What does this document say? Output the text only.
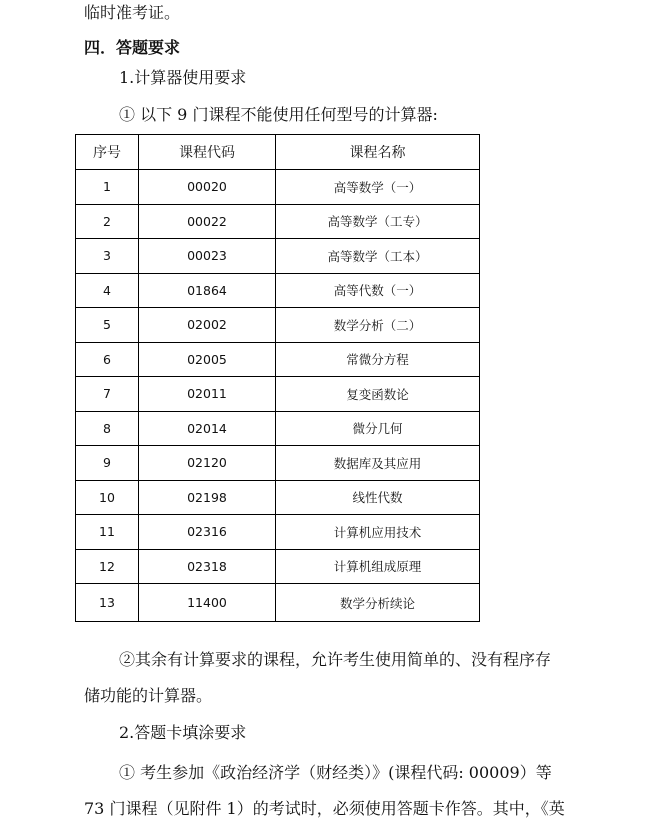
临时准考证。
四．答题要求
1.计算器使用要求
① 以下 9 门课程不能使用任何型号的计算器:
序号	课程代码	课程名称
1	00020	高等数学（一）
2	00022	高等数学（工专）
3	00023	高等数学（工本）
4	01864	高等代数（一）
5	02002	数学分析（二）
6	02005	常微分方程
7	02011	复变函数论
8	02014	微分几何
9	02120	数据库及其应用
10	02198	线性代数
11	02316	计算机应用技术
12	02318	计算机组成原理
13	11400	数学分析续论
②其余有计算要求的课程，允许考生使用简单的、没有程序存
储功能的计算器。
2.答题卡填涂要求
① 考生参加《政治经济学（财经类）》(课程代码: 00009）等
73 门课程（见附件 1）的考试时，必须使用答题卡作答。其中，《英
